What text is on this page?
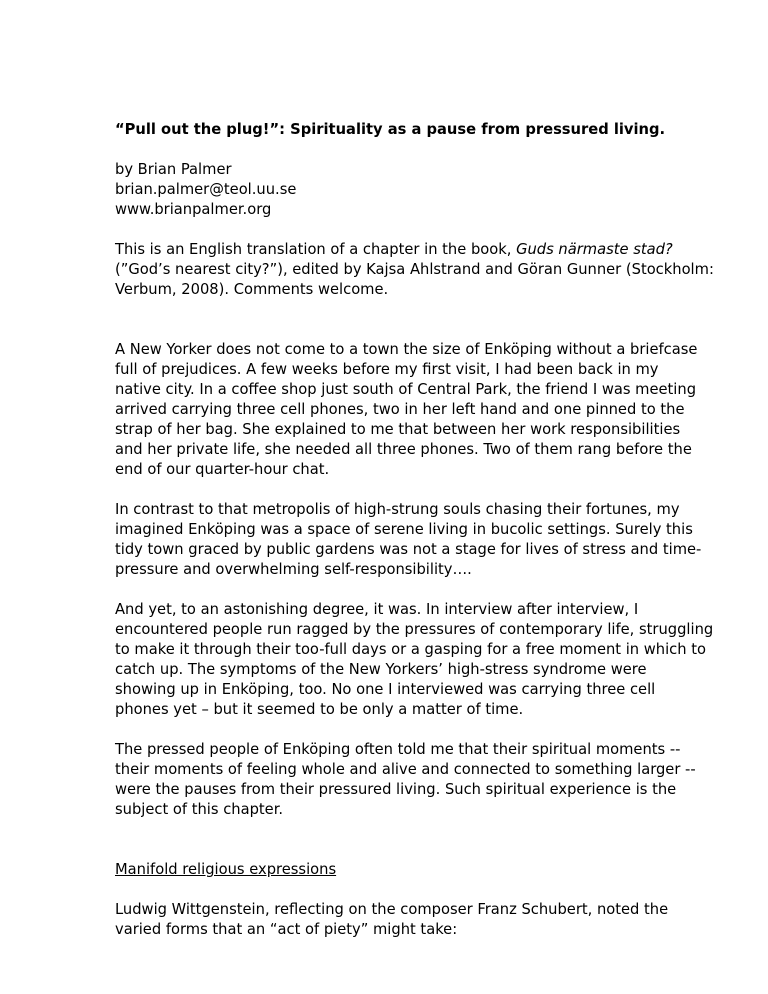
“Pull out the plug!”: Spirituality as a pause from pressured living.

by Brian Palmer
brian.palmer@teol.uu.se
www.brianpalmer.org

This is an English translation of a chapter in the book, Guds närmaste stad?
(”God’s nearest city?”), edited by Kajsa Ahlstrand and Göran Gunner (Stockholm:
Verbum, 2008). Comments welcome.

A New Yorker does not come to a town the size of Enköping without a briefcase
full of prejudices. A few weeks before my first visit, I had been back in my
native city. In a coffee shop just south of Central Park, the friend I was meeting
arrived carrying three cell phones, two in her left hand and one pinned to the
strap of her bag. She explained to me that between her work responsibilities
and her private life, she needed all three phones. Two of them rang before the
end of our quarter-hour chat.

In contrast to that metropolis of high-strung souls chasing their fortunes, my
imagined Enköping was a space of serene living in bucolic settings. Surely this
tidy town graced by public gardens was not a stage for lives of stress and time-
pressure and overwhelming self-responsibility….

And yet, to an astonishing degree, it was. In interview after interview, I
encountered people run ragged by the pressures of contemporary life, struggling
to make it through their too-full days or a gasping for a free moment in which to
catch up. The symptoms of the New Yorkers’ high-stress syndrome were
showing up in Enköping, too. No one I interviewed was carrying three cell
phones yet – but it seemed to be only a matter of time.

The pressed people of Enköping often told me that their spiritual moments --
their moments of feeling whole and alive and connected to something larger --
were the pauses from their pressured living. Such spiritual experience is the
subject of this chapter.

Manifold religious expressions

Ludwig Wittgenstein, reflecting on the composer Franz Schubert, noted the
varied forms that an “act of piety” might take:
